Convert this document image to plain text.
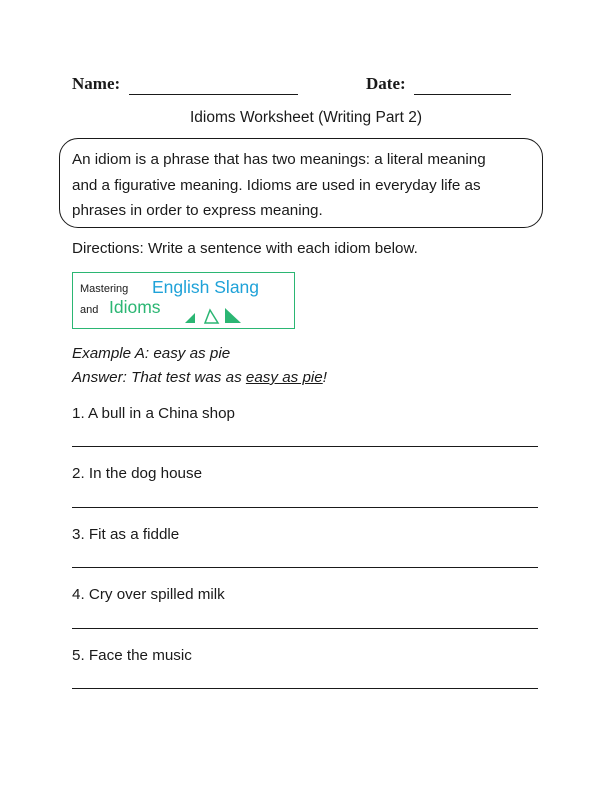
Name:	Date:
Idioms Worksheet (Writing Part 2)
An idiom is a phrase that has two meanings: a literal meaning
and a figurative meaning. Idioms are used in everyday life as
phrases in order to express meaning.
Directions: Write a sentence with each idiom below.
Mastering English Slang
and Idioms
Example A: easy as pie
Answer: That test was as easy as pie!
1. A bull in a China shop
2. In the dog house
3. Fit as a fiddle
4. Cry over spilled milk
5. Face the music
